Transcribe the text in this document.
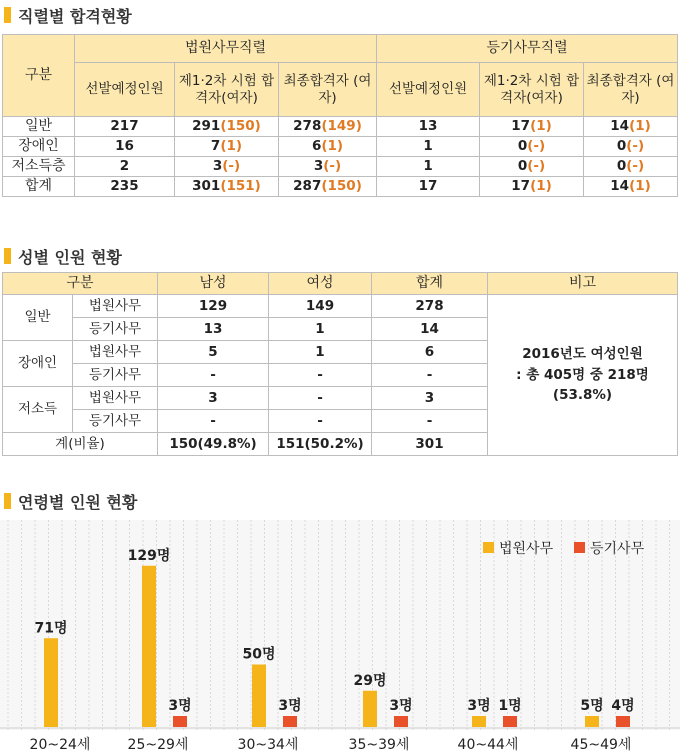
직렬별 합격현황
구분	법원사무직렬			등기사무직렬		
	선발예정인원	제1·2차 시험 합격자(여자)	최종합격자 (여자)	선발예정인원	제1·2차 시험 합격자(여자)	최종합격자 (여자)
일반	217	291(150)	278(149)	13	17(1)	14(1)
장애인	16	7(1)	6(1)	1	0(-)	0(-)
저소득층	2	3(-)	3(-)	1	0(-)	0(-)
합계	235	301(151)	287(150)	17	17(1)	14(1)
성별 인원 현황
구분		남성	여성	합계	비고
일반	법원사무	129	149	278	2016년도 여성인원
: 총 405명 중 218명
(53.8%)

	등기사무	13	1	14	
장애인	법원사무	5	1	6	
	등기사무	-	-	-	
저소득	법원사무	3	-	3	
	등기사무	-	-	-	
계(비율)		150(49.8%)	151(50.2%)	301	
연령별 인원 현황
71명
129명
50명
29명
3명	5명
3명	3명	3명	1명	4명
20~24세	25~29세	30~34세	35~39세	40~44세	45~49세
법원사무	등기사무
